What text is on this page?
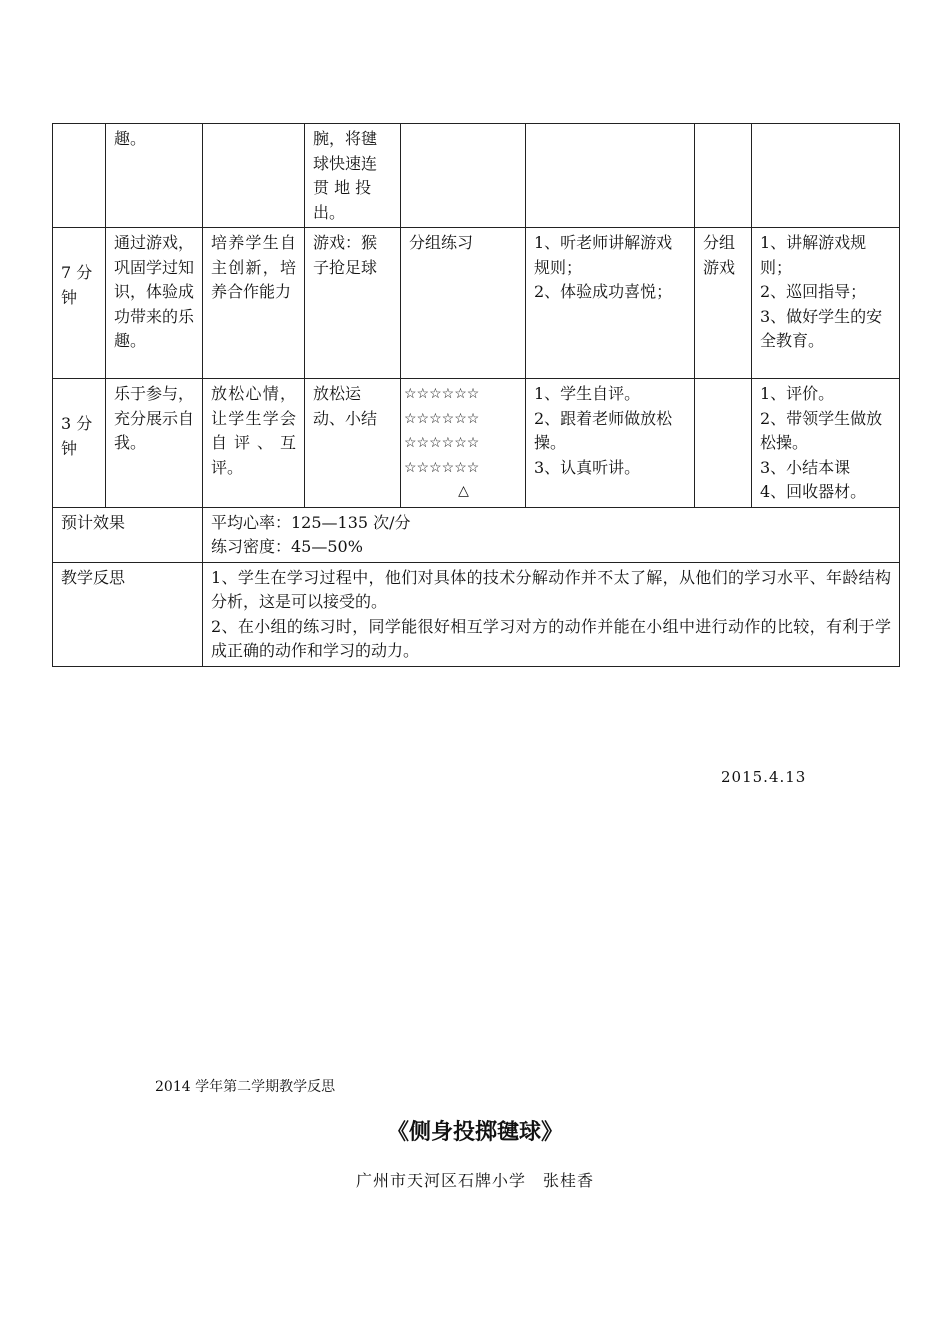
	趣。		腕，将毽
球快速连
贯 地 投
出。				

7 分钟	通过游戏，巩固学过知识，体验成功带来的乐趣。	培养学生自主创新，培养合作能力	游戏：猴子抢足球	分组练习	1、听老师讲解游戏规则；
2、体验成功喜悦；	分组游戏	1、讲解游戏规则；
2、巡回指导；
3、做好学生的安全教育。

3 分钟	乐于参与，充分展示自我。	放松心情，让学生学会自评、互评。	放松运动、小结	☆☆☆☆☆☆
☆☆☆☆☆☆
☆☆☆☆☆☆
☆☆☆☆☆☆
△	1、学生自评。
2、跟着老师做放松操。
3、认真听讲。		1、评价。
2、带领学生做放松操。
3、小结本课
4、回收器材。

预计效果		平均心率：125—135 次/分
练习密度：45—50%					

教学反思		1、学生在学习过程中，他们对具体的技术分解动作并不太了解，从他们的学习水平、年龄结构分析，这是可以接受的。
2、在小组的练习时，同学能很好相互学习对方的动作并能在小组中进行动作的比较，有利于学成正确的动作和学习的动力。					
2015.4.13
2014 学年第二学期教学反思
《侧身投掷毽球》
广州市天河区石牌小学　张桂香
